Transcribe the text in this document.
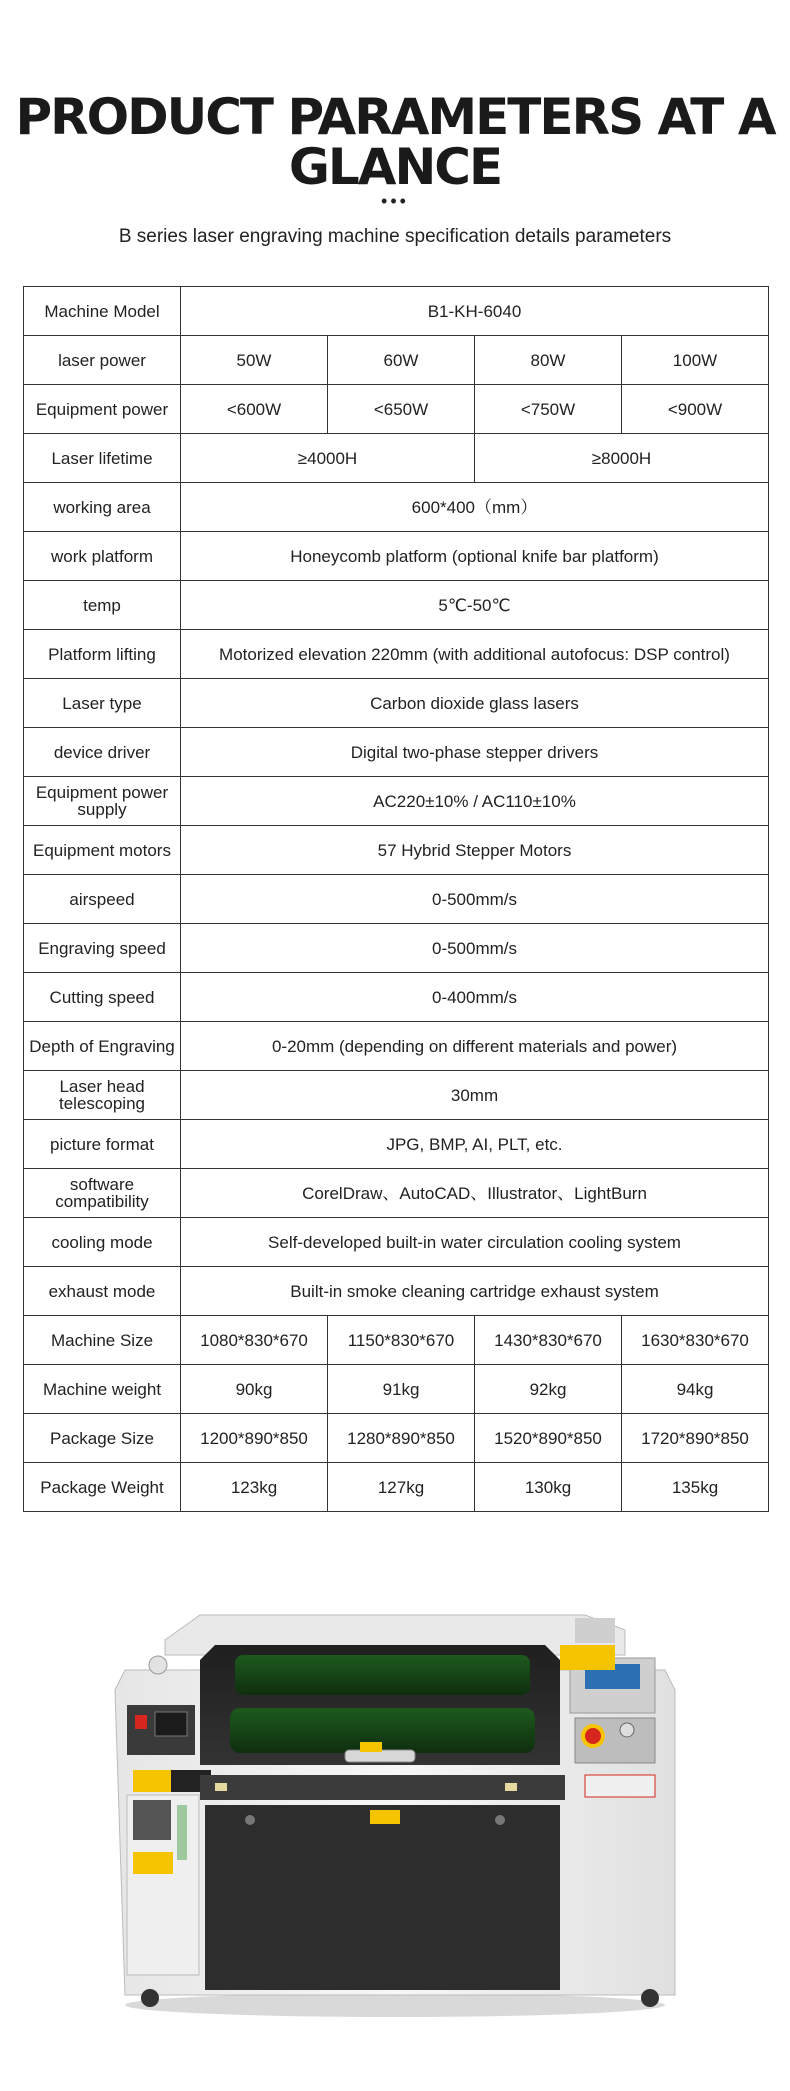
PRODUCT PARAMETERS AT A
GLANCE
•••
B series laser engraving machine specification details parameters
Machine Model	B1-KH-6040			
laser power	50W	60W	80W	100W
Equipment power	<600W	<650W	<750W	<900W
Laser lifetime	≥4000H		≥8000H	
working area	600*400（mm）			
work platform	Honeycomb platform (optional knife bar platform)			
temp	5℃-50℃			
Platform lifting	Motorized elevation 220mm (with additional autofocus: DSP control)			
Laser type	Carbon dioxide glass lasers			
device driver	Digital two-phase stepper drivers			

Equipment power
supply	AC220±10% / AC110±10%			
Equipment motors	57 Hybrid Stepper Motors			
airspeed	0-500mm/s			
Engraving speed	0-500mm/s			
Cutting speed	0-400mm/s			
Depth of Engraving	0-20mm (depending on different materials and power)			

Laser head
telescoping	30mm			
picture format	JPG, BMP, AI, PLT, etc.			

software
compatibility	CorelDraw、AutoCAD、Illustrator、LightBurn			
cooling mode	Self-developed built-in water circulation cooling system			
exhaust mode	Built-in smoke cleaning cartridge exhaust system			
Machine Size	1080*830*670	1150*830*670	1430*830*670	1630*830*670
Machine weight	90kg	91kg	92kg	94kg
Package Size	1200*890*850	1280*890*850	1520*890*850	1720*890*850
Package Weight	123kg	127kg	130kg	135kg
